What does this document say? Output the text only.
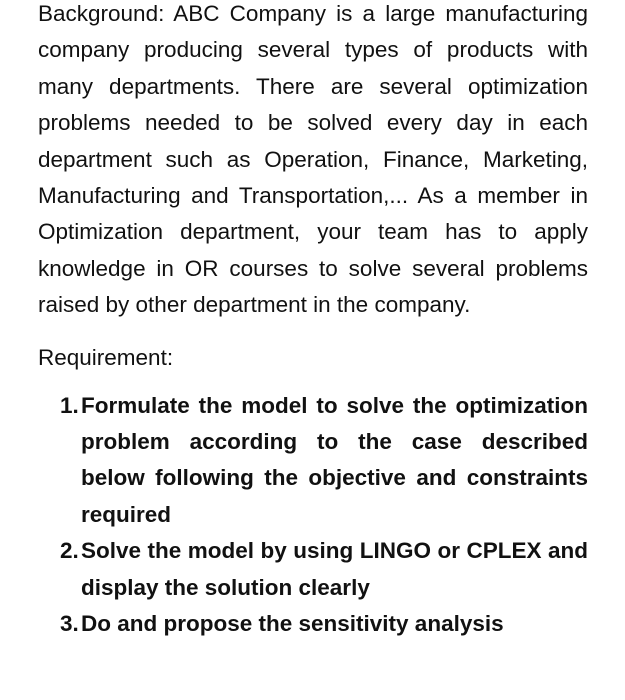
Background: ABC Company is a large manufacturing company producing several types of products with many departments. There are several optimization problems needed to be solved every day in each department such as Operation, Finance, Marketing, Manufacturing and Transportation,... As a member in Optimization department, your team has to apply knowledge in OR courses to solve several problems raised by other department in the company.

Requirement:
1. Formulate the model to solve the optimization problem according to the case described below following the objective and constraints required
2. Solve the model by using LINGO or CPLEX and display the solution clearly
3. Do and propose the sensitivity analysis
